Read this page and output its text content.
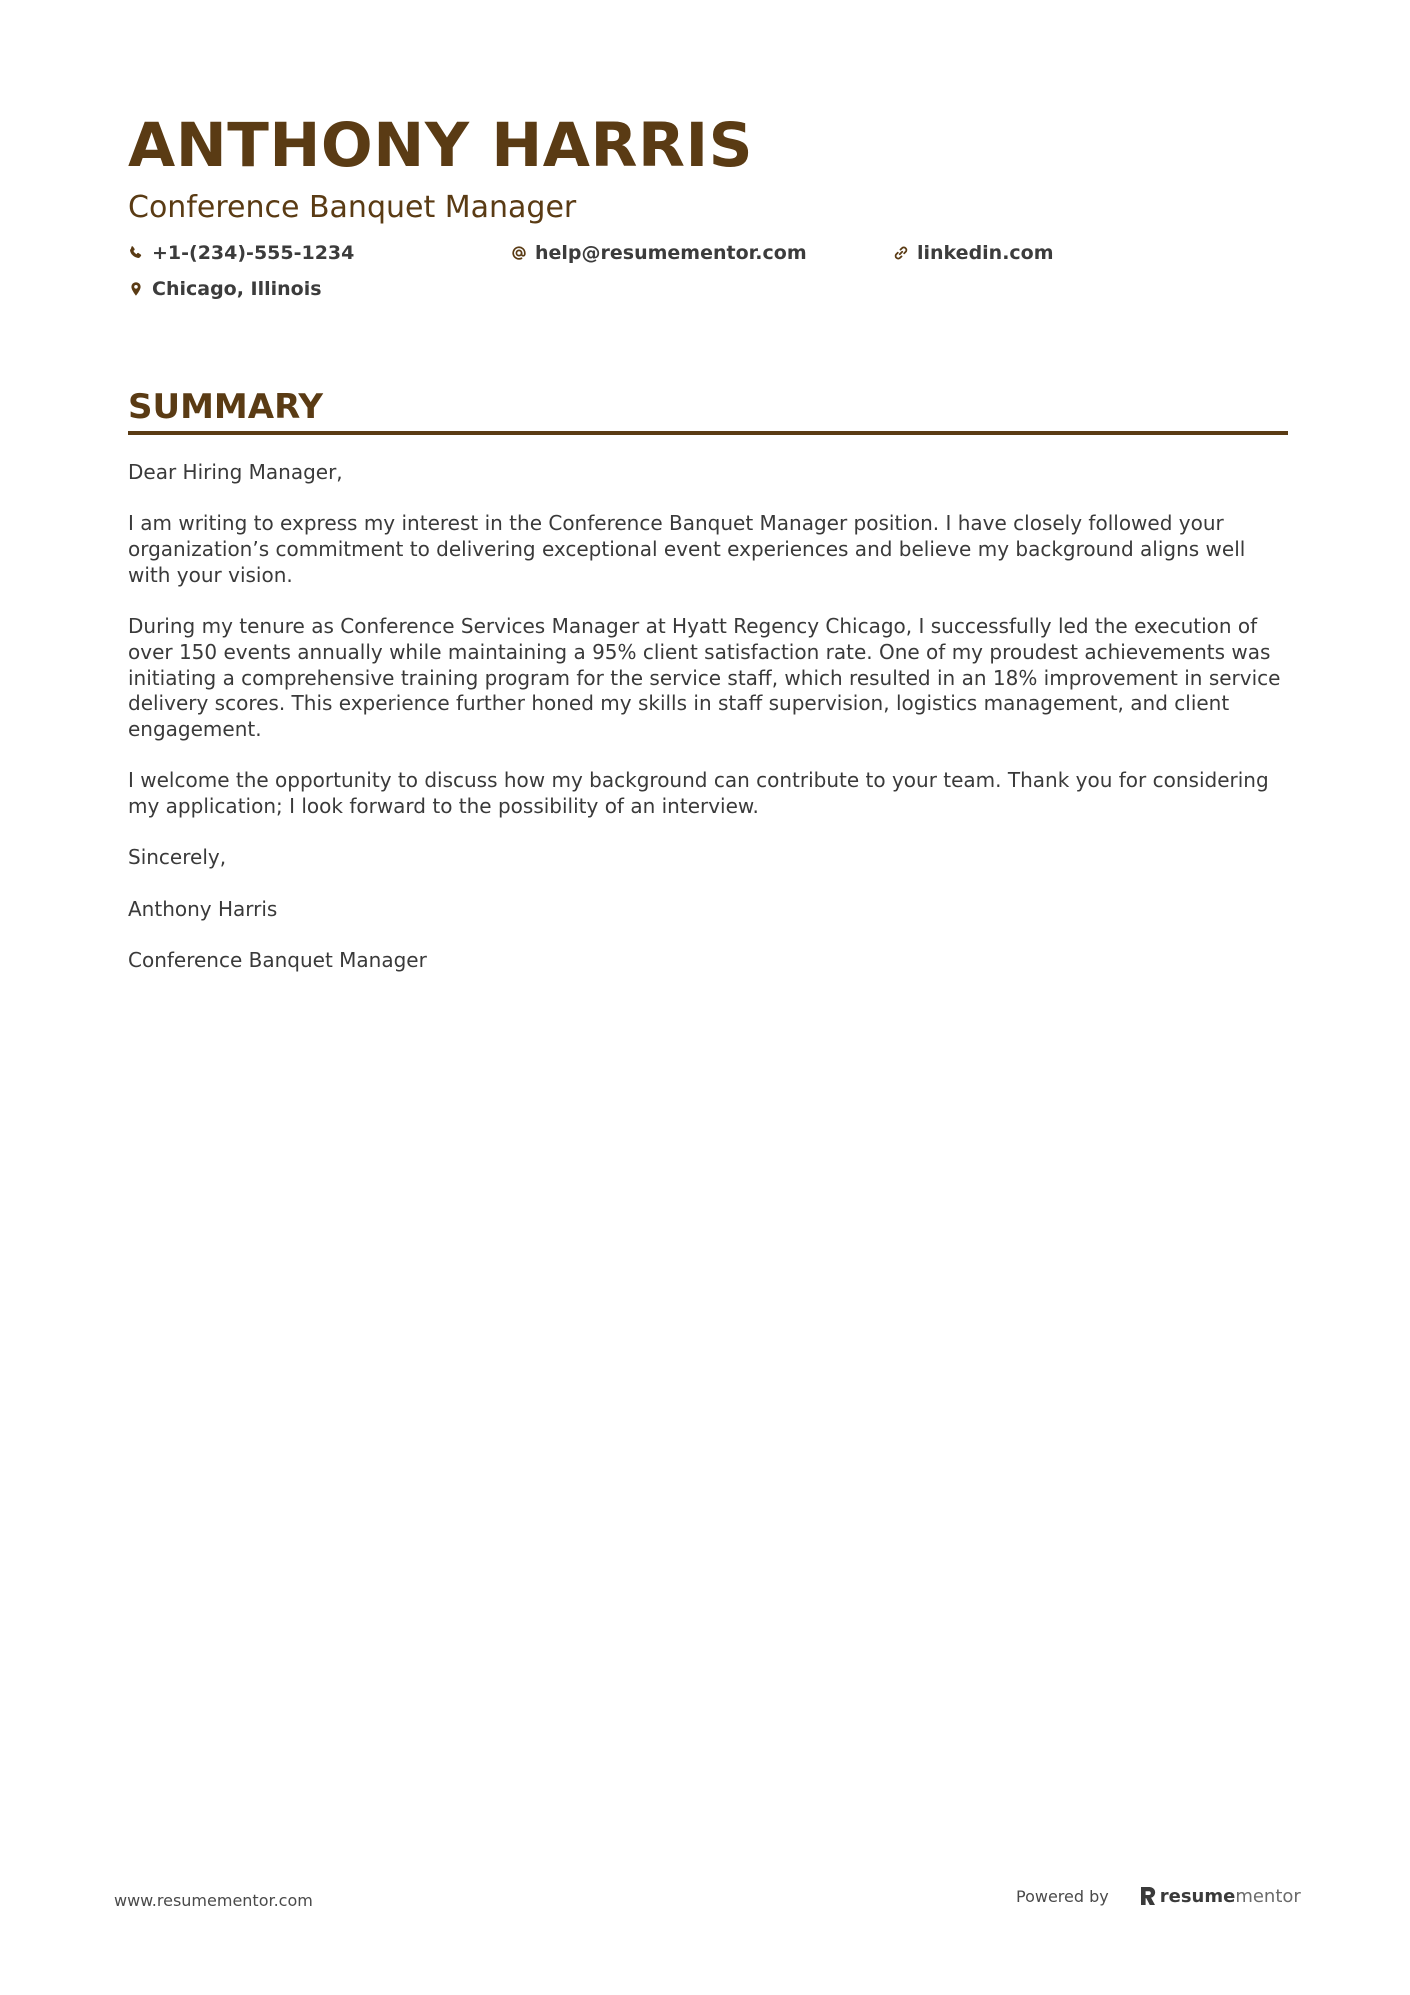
ANTHONY HARRIS
Conference Banquet Manager
+1-(234)-555-1234	help@resumementor.com	linkedin.com
Chicago, Illinois
SUMMARY

Dear Hiring Manager,

I am writing to express my interest in the Conference Banquet Manager position. I have closely followed your organization’s commitment to delivering exceptional event experiences and believe my background aligns well with your vision.

During my tenure as Conference Services Manager at Hyatt Regency Chicago, I successfully led the execution of over 150 events annually while maintaining a 95% client satisfaction rate. One of my proudest achievements was initiating a comprehensive training program for the service staff, which resulted in an 18% improvement in service delivery scores. This experience further honed my skills in staff supervision, logistics management, and client engagement.

I welcome the opportunity to discuss how my background can contribute to your team. Thank you for considering my application; I look forward to the possibility of an interview.

Sincerely,

Anthony Harris

Conference Banquet Manager

www.resumementor.com	Powered by	resumementor
